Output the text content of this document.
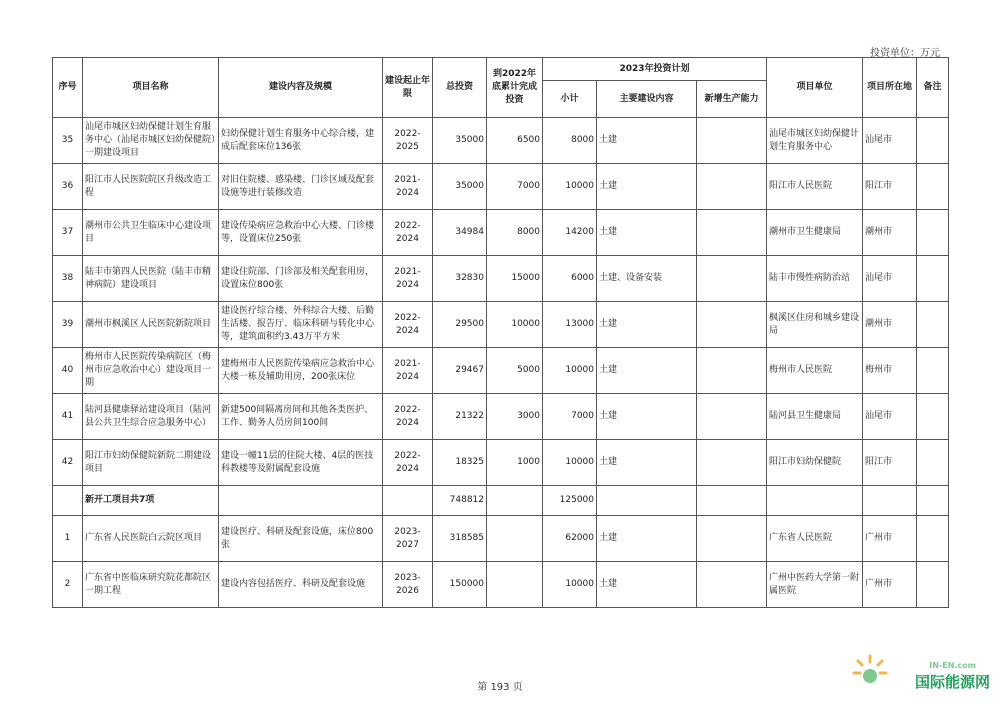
投资单位：万元
序号	项目名称	建设内容及规模	建设起止年限	总投资	到2022年底累计完成投资	2023年投资计划			项目单位	项目所在地	备注
						小计	主要建设内容	新增生产能力			
35	汕尾市城区妇幼保健计划生育服务中心（汕尾市城区妇幼保健院）一期建设项目	妇幼保健计划生育服务中心综合楼，建成后配套床位136张	2022-2025	35000	6500	8000	土建		汕尾市城区妇幼保健计划生育服务中心	汕尾市	
36	阳江市人民医院院区升级改造工程	对旧住院楼、感染楼、门诊区域及配套设施等进行装修改造	2021-2024	35000	7000	10000	土建		阳江市人民医院	阳江市	
37	潮州市公共卫生临床中心建设项目	建设传染病应急救治中心大楼、门诊楼等，设置床位250张	2022-2024	34984	8000	14200	土建		潮州市卫生健康局	潮州市	
38	陆丰市第四人民医院（陆丰市精神病院）建设项目	建设住院部、门诊部及相关配套用房，设置床位800张	2021-2024	32830	15000	6000	土建、设备安装		陆丰市慢性病防治站	汕尾市	
39	潮州市枫溪区人民医院新院项目	建设医疗综合楼、外科综合大楼、后勤生活楼、报告厅、临床科研与转化中心等，建筑面积约3.43万平方米	2022-2024	29500	10000	13000	土建		枫溪区住房和城乡建设局	潮州市	
40	梅州市人民医院传染病院区（梅州市应急收治中心）建设项目一期	建梅州市人民医院传染病应急救治中心大楼一栋及辅助用房，200张床位	2021-2024	29467	5000	10000	土建		梅州市人民医院	梅州市	
41	陆河县健康驿站建设项目（陆河县公共卫生综合应急服务中心）	新建500间隔离房间和其他各类医护、工作、勤务人员房间100间	2022-2024	21322	3000	7000	土建		陆河县卫生健康局	汕尾市	
42	阳江市妇幼保健院新院二期建设项目	建设一幢11层的住院大楼、4层的医技科教楼等及附属配套设施	2022-2024	18325	1000	10000	土建		阳江市妇幼保健院	阳江市	
	新开工项目共7项			748812		125000					
1	广东省人民医院白云院区项目	建设医疗、科研及配套设施，床位800张	2023-2027	318585		62000	土建		广东省人民医院	广州市	
2	广东省中医临床研究院花都院区一期工程	建设内容包括医疗、科研及配套设施	2023-2026	150000		10000	土建		广州中医药大学第一附属医院	广州市	
第 193 页
IN-EN.com
国际能源网
